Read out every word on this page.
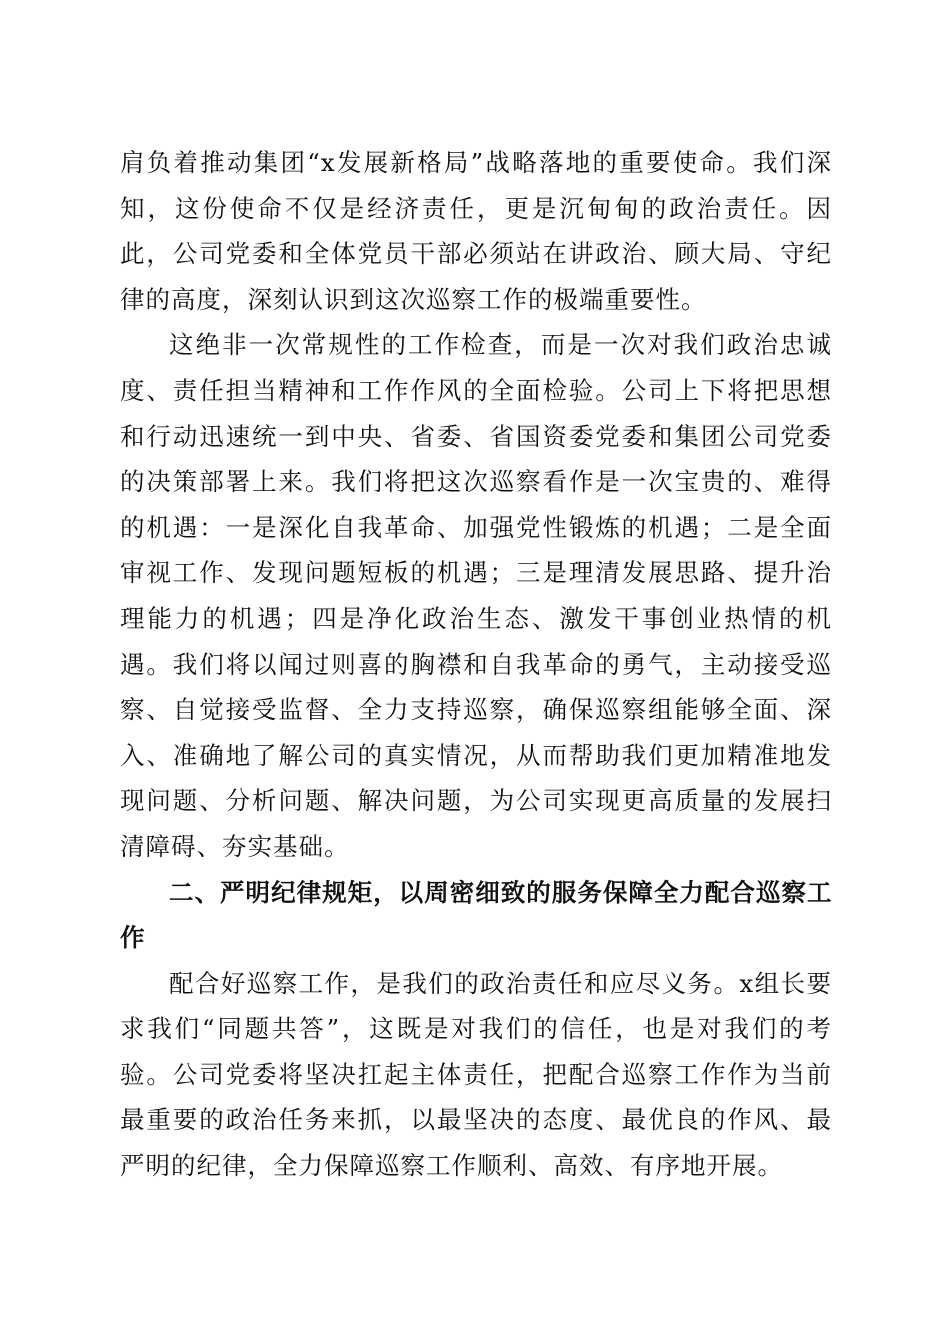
肩负着推动集团“x发展新格局”战略落地的重要使命。我们深知，这份使命不仅是经济责任，更是沉甸甸的政治责任。因此，公司党委和全体党员干部必须站在讲政治、顾大局、守纪律的高度，深刻认识到这次巡察工作的极端重要性。

这绝非一次常规性的工作检查，而是一次对我们政治忠诚度、责任担当精神和工作作风的全面检验。公司上下将把思想和行动迅速统一到中央、省委、省国资委党委和集团公司党委的决策部署上来。我们将把这次巡察看作是一次宝贵的、难得的机遇：一是深化自我革命、加强党性锻炼的机遇；二是全面审视工作、发现问题短板的机遇；三是理清发展思路、提升治理能力的机遇；四是净化政治生态、激发干事创业热情的机遇。我们将以闻过则喜的胸襟和自我革命的勇气，主动接受巡察、自觉接受监督、全力支持巡察，确保巡察组能够全面、深入、准确地了解公司的真实情况，从而帮助我们更加精准地发现问题、分析问题、解决问题，为公司实现更高质量的发展扫清障碍、夯实基础。

二、严明纪律规矩，以周密细致的服务保障全力配合巡察工作

配合好巡察工作，是我们的政治责任和应尽义务。x组长要求我们“同题共答”，这既是对我们的信任，也是对我们的考验。公司党委将坚决扛起主体责任，把配合巡察工作作为当前最重要的政治任务来抓，以最坚决的态度、最优良的作风、最严明的纪律，全力保障巡察工作顺利、高效、有序地开展。
